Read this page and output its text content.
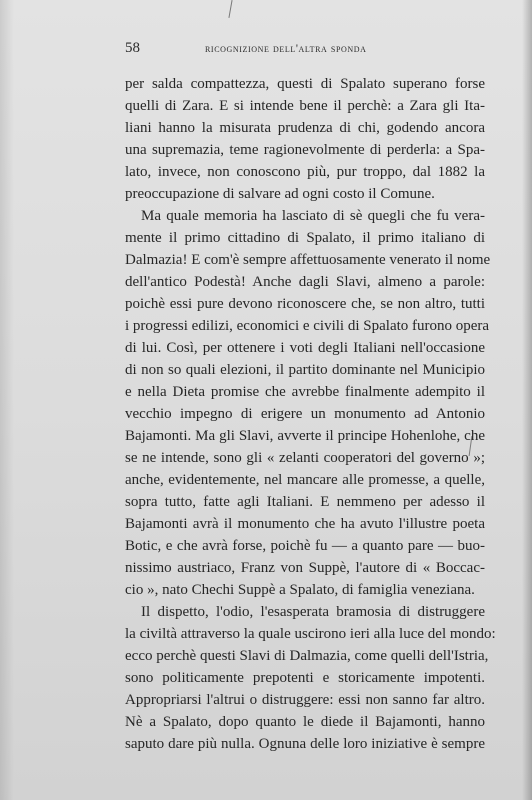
58	ricognizione dell'altra sponda
per salda compattezza, questi di Spalato superano forse
quelli di Zara. E si intende bene il perchè: a Zara gli Ita-
liani hanno la misurata prudenza di chi, godendo ancora
una supremazia, teme ragionevolmente di perderla: a Spa-
lato, invece, non conoscono più, pur troppo, dal 1882 la
preoccupazione di salvare ad ogni costo il Comune.
Ma quale memoria ha lasciato di sè quegli che fu vera-
mente il primo cittadino di Spalato, il primo italiano di
Dalmazia! E com'è sempre affettuosamente venerato il nome
dell'antico Podestà! Anche dagli Slavi, almeno a parole:
poichè essi pure devono riconoscere che, se non altro, tutti
i progressi edilizi, economici e civili di Spalato furono opera
di lui. Così, per ottenere i voti degli Italiani nell'occasione
di non so quali elezioni, il partito dominante nel Municipio
e nella Dieta promise che avrebbe finalmente adempito il
vecchio impegno di erigere un monumento ad Antonio
Bajamonti. Ma gli Slavi, avverte il principe Hohenlohe, che
se ne intende, sono gli « zelanti cooperatori del governo »;
anche, evidentemente, nel mancare alle promesse, a quelle,
sopra tutto, fatte agli Italiani. E nemmeno per adesso il
Bajamonti avrà il monumento che ha avuto l'illustre poeta
Botic, e che avrà forse, poichè fu — a quanto pare — buo-
nissimo austriaco, Franz von Suppè, l'autore di « Boccac-
cio », nato Chechi Suppè a Spalato, di famiglia veneziana.
Il dispetto, l'odio, l'esasperata bramosia di distruggere
la civiltà attraverso la quale uscirono ieri alla luce del mondo:
ecco perchè questi Slavi di Dalmazia, come quelli dell'Istria,
sono politicamente prepotenti e storicamente impotenti.
Appropriarsi l'altrui o distruggere: essi non sanno far altro.
Nè a Spalato, dopo quanto le diede il Bajamonti, hanno
saputo dare più nulla. Ognuna delle loro iniziative è sempre
